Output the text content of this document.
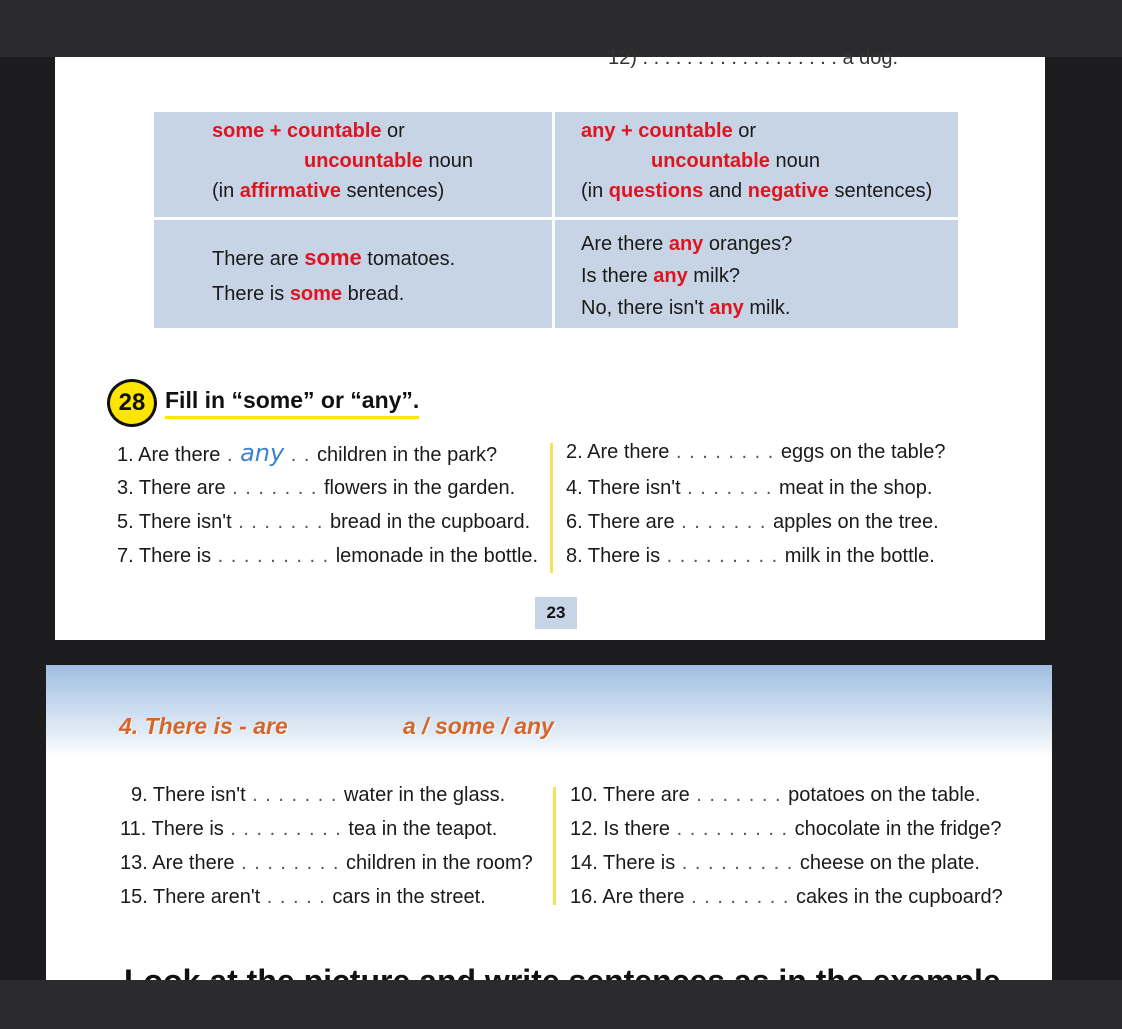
12) . . . . . . . . . . . . . . . . . . a dog.
some + countable or
uncountable noun
(in affirmative sentences)
any + countable or
uncountable noun
(in questions and negative sentences)
There are some tomatoes.
There is some bread.
Are there any oranges?
Is there any milk?
No, there isn't any milk.
28 Fill in “some” or “any”.
1. Are there . any . . children in the park?
3. There are . . . . . . . flowers in the garden.
5. There isn't . . . . . . . bread in the cupboard.
7. There is . . . . . . . . . lemonade in the bottle.
2. Are there . . . . . . . . eggs on the table?
4. There isn't . . . . . . . meat in the shop.
6. There are . . . . . . . apples on the tree.
8. There is . . . . . . . . . milk in the bottle.
23
4. There is - are	a / some / any
9. There isn't . . . . . . . water in the glass.
11. There is . . . . . . . . . tea in the teapot.
13. Are there . . . . . . . . children in the room?
15. There aren't . . . . . cars in the street.
10. There are . . . . . . . potatoes on the table.
12. Is there . . . . . . . . . chocolate in the fridge?
14. There is . . . . . . . . . cheese on the plate.
16. Are there . . . . . . . . cakes in the cupboard?
